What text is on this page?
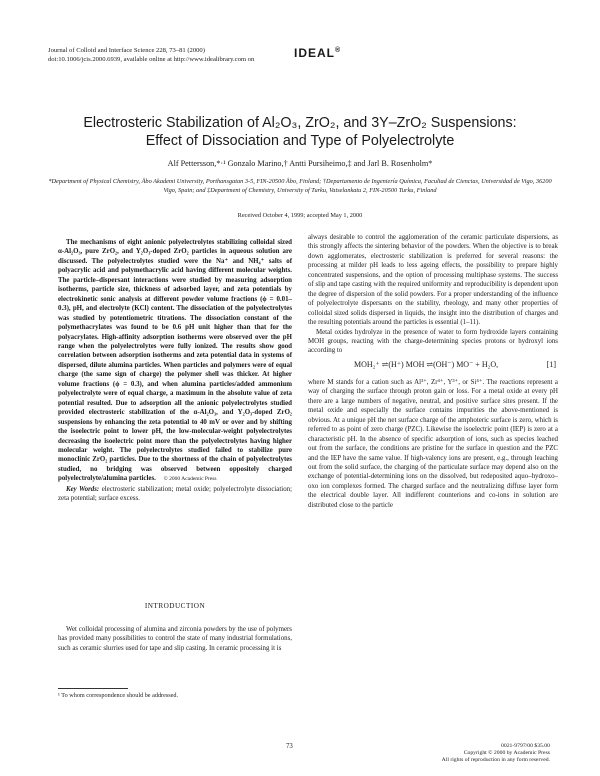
Journal of Colloid and Interface Science 228, 73–81 (2000)
doi:10.1006/jcis.2000.6939, available online at http://www.idealibrary.com on	IDEAL®
Electrosteric Stabilization of Al₂O₃, ZrO₂, and 3Y–ZrO₂ Suspensions:
Effect of Dissociation and Type of Polyelectrolyte
Alf Pettersson,*·¹ Gonzalo Marino,† Antti Pursiheimo,‡ and Jarl B. Rosenholm*
*Department of Physical Chemistry, Åbo Akademi University, Porthansgatan 3-5, FIN-20500 Åbo, Finland; †Departamento de Ingeniería Química, Facultad de Ciencias, Universidad de Vigo, 36200 Vigo, Spain; and ‡Department of Chemistry, University of Turku, Vatselankatu 2, FIN-20500 Turku, Finland
Received October 4, 1999; accepted May 1, 2000
The mechanisms of eight anionic polyelectrolytes stabilizing colloidal sized α-Al₂O₃, pure ZrO₂, and Y₂O₃-doped ZrO₂ particles in aqueous solution are discussed. The polyelectrolytes studied were the Na⁺ and NH₄⁺ salts of polyacrylic acid and polymethacrylic acid having different molecular weights. The particle–dispersant interactions were studied by measuring adsorption isotherms, particle size, thickness of adsorbed layer, and zeta potentials by electrokinetic sonic analysis at different powder volume fractions (ϕ = 0.01–0.3), pH, and electrolyte (KCl) content. The dissociation of the polyelectrolytes was studied by potentiometric titrations. The dissociation constant of the polymethacrylates was found to be 0.6 pH unit higher than that for the polyacrylates. High-affinity adsorption isotherms were observed over the pH range when the polyelectrolytes were fully ionized. The results show good correlation between adsorption isotherms and zeta potential data in systems of dispersed, dilute alumina particles. When particles and polymers were of equal charge (the same sign of charge) the polymer shell was thicker. At higher volume fractions (ϕ = 0.3), and when alumina particles/added ammonium polyelectrolyte were of equal charge, a maximum in the absolute value of zeta potential resulted. Due to adsorption all the anionic polyelectrolytes studied provided electrosteric stabilization of the α-Al₂O₃, and Y₂O₃-doped ZrO₂ suspensions by enhancing the zeta potential to 40 mV or over and by shifting the isoelectric point to lower pH, the low-molecular-weight polyelectrolytes decreasing the isoelectric point more than the polyelectrolytes having higher molecular weight. The polyelectrolytes studied failed to stabilize pure monoclinic ZrO₂ particles. Due to the shortness of the chain of polyelectrolytes studied, no bridging was observed between oppositely charged polyelectrolyte/alumina particles. © 2000 Academic Press
Key Words: electrosteric stabilization; metal oxide; polyelectrolyte dissociation; zeta potential; surface excess.
INTRODUCTION

Wet colloidal processing of alumina and zirconia powders by the use of polymers has provided many possibilities to control the state of many industrial formulations, such as ceramic slurries used for tape and slip casting. In ceramic processing it is

¹ To whom correspondence should be addressed.

always desirable to control the agglomeration of the ceramic particulate dispersions, as this strongly affects the sintering behavior of the powders. When the objective is to break down agglomerates, electrosteric stabilization is preferred for several reasons: the processing at milder pH leads to less ageing effects, the possibility to prepare highly concentrated suspensions, and the option of processing multiphase systems. The success of slip and tape casting with the required uniformity and reproducibility is dependent upon the degree of dispersion of the solid powders. For a proper understanding of the influence of polyelectrolyte dispersants on the stability, rheology, and many other properties of colloidal sized solids dispersed in liquids, the insight into the distribution of charges and the resulting potentials around the particles is essential (1–11).

Metal oxides hydrolyze in the presence of water to form hydroxide layers containing MOH groups, reacting with the charge-determining species protons or hydroxyl ions according to

MOH₂⁺ ⇌(H⁺) MOH ⇌(OH⁻) MO⁻ + H₂O,	[1]

where M stands for a cation such as Al³⁺, Zr⁴⁺, Y³⁺, or Si⁴⁺. The reactions represent a way of charging the surface through proton gain or loss. For a metal oxide at every pH there are a large numbers of negative, neutral, and positive surface sites present. If the metal oxide and especially the surface contains impurities the above-mentioned is obvious. At a unique pH the net surface charge of the amphoteric surface is zero, which is referred to as point of zero charge (PZC). Likewise the isoelectric point (IEP) is zero at a characteristic pH. In the absence of specific adsorption of ions, such as species leached out from the surface, the conditions are pristine for the surface in question and the PZC and the IEP have the same value. If high-valency ions are present, e.g., through leaching out from the solid surface, the charging of the particulate surface may depend also on the exchange of potential-determining ions on the dissolved, but redeposited aquo–hydroxo–oxo ion complexes formed. The charged surface and the neutralizing diffuse layer form the electrical double layer. All indifferent counterions and co-ions in solution are distributed close to the particle

73	0021-9797/00 $35.00
Copyright © 2000 by Academic Press
All rights of reproduction in any form reserved.
